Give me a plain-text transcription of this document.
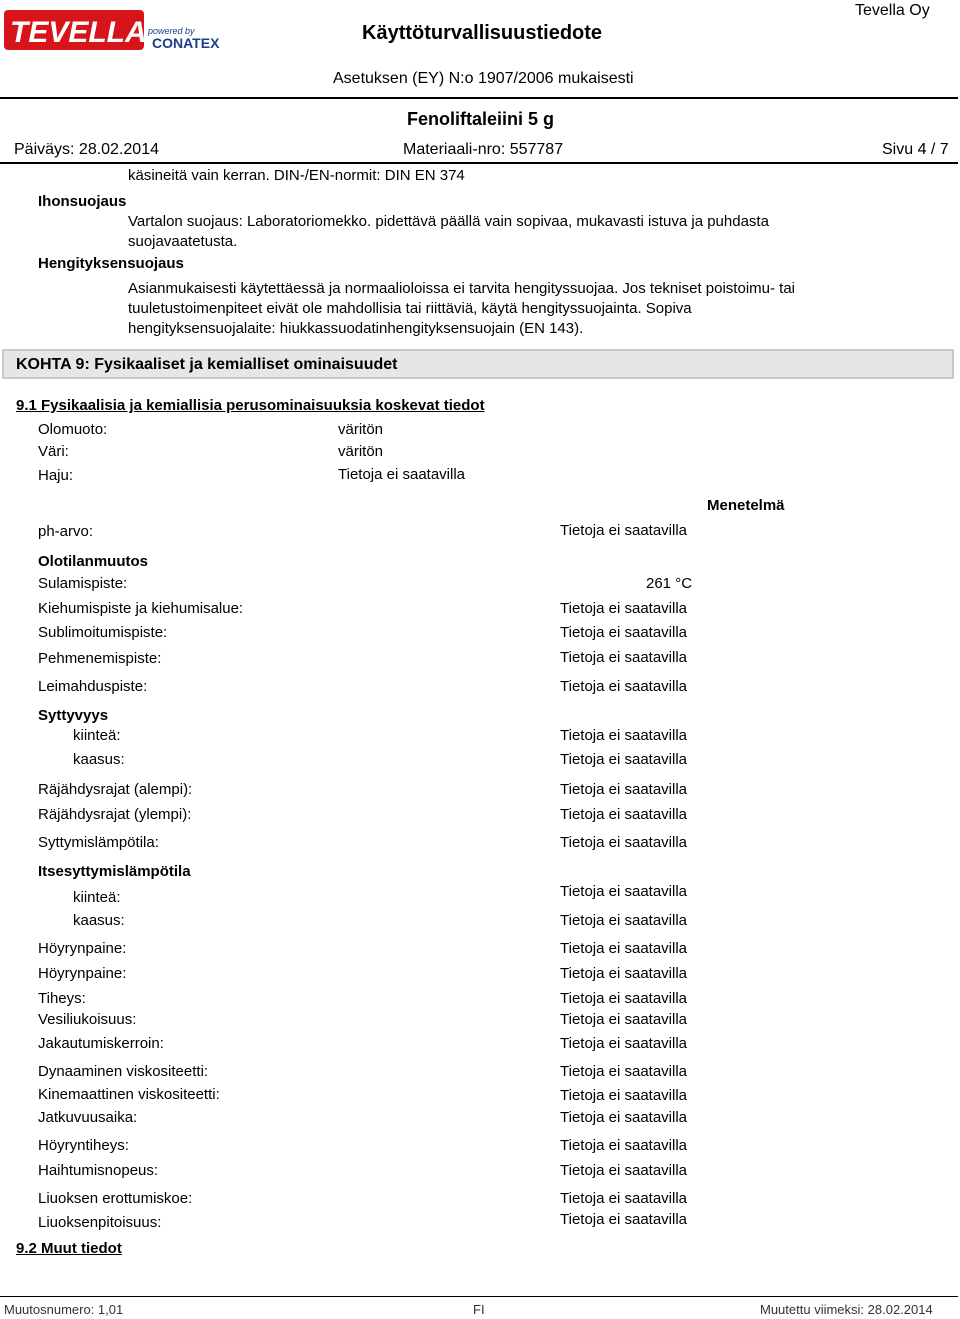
TEVELLA powered by
CONATEX
Tevella Oy
Käyttöturvallisuustiedote
Asetuksen (EY) N:o 1907/2006 mukaisesti
Fenoliftaleiini 5 g
Päiväys: 28.02.2014	Materiaali-nro: 557787	Sivu 4 / 7
käsineitä vain kerran. DIN-/EN-normit: DIN EN 374
Ihonsuojaus
Vartalon suojaus: Laboratoriomekko. pidettävä päällä vain sopivaa, mukavasti istuva ja puhdasta
suojavaatetusta.
Hengityksensuojaus
Asianmukaisesti käytettäessä ja normaalioloissa ei tarvita hengityssuojaa. Jos tekniset poistoimu- tai
tuuletustoimenpiteet eivät ole mahdollisia tai riittäviä, käytä hengityssuojainta. Sopiva
hengityksensuojalaite: hiukkassuodatinhengityksensuojain (EN 143).
KOHTA 9: Fysikaaliset ja kemialliset ominaisuudet
9.1 Fysikaalisia ja kemiallisia perusominaisuuksia koskevat tiedot
Olomuoto:	väritön
Väri:	väritön
Haju:	Tietoja ei saatavilla
Menetelmä
ph-arvo:	Tietoja ei saatavilla
Olotilanmuutos
Sulamispiste:	261 °C
Kiehumispiste ja kiehumisalue:	Tietoja ei saatavilla
Sublimoitumispiste:	Tietoja ei saatavilla
Pehmenemispiste:	Tietoja ei saatavilla
Leimahduspiste:	Tietoja ei saatavilla
Syttyvyys
kiinteä:	Tietoja ei saatavilla
kaasus:	Tietoja ei saatavilla
Räjähdysrajat (alempi):	Tietoja ei saatavilla
Räjähdysrajat (ylempi):	Tietoja ei saatavilla
Syttymislämpötila:	Tietoja ei saatavilla
Itsesyttymislämpötila
kiinteä:	Tietoja ei saatavilla
kaasus:	Tietoja ei saatavilla
Höyrynpaine:	Tietoja ei saatavilla
Höyrynpaine:	Tietoja ei saatavilla
Tiheys:	Tietoja ei saatavilla
Vesiliukoisuus:	Tietoja ei saatavilla
Jakautumiskerroin:	Tietoja ei saatavilla
Dynaaminen viskositeetti:	Tietoja ei saatavilla
Kinemaattinen viskositeetti:	Tietoja ei saatavilla
Jatkuvuusaika:	Tietoja ei saatavilla
Höyryntiheys:	Tietoja ei saatavilla
Haihtumisnopeus:	Tietoja ei saatavilla
Liuoksen erottumiskoe:	Tietoja ei saatavilla
Liuoksenpitoisuus:	Tietoja ei saatavilla
9.2 Muut tiedot
Muutosnumero: 1,01	FI	Muutettu viimeksi: 28.02.2014
